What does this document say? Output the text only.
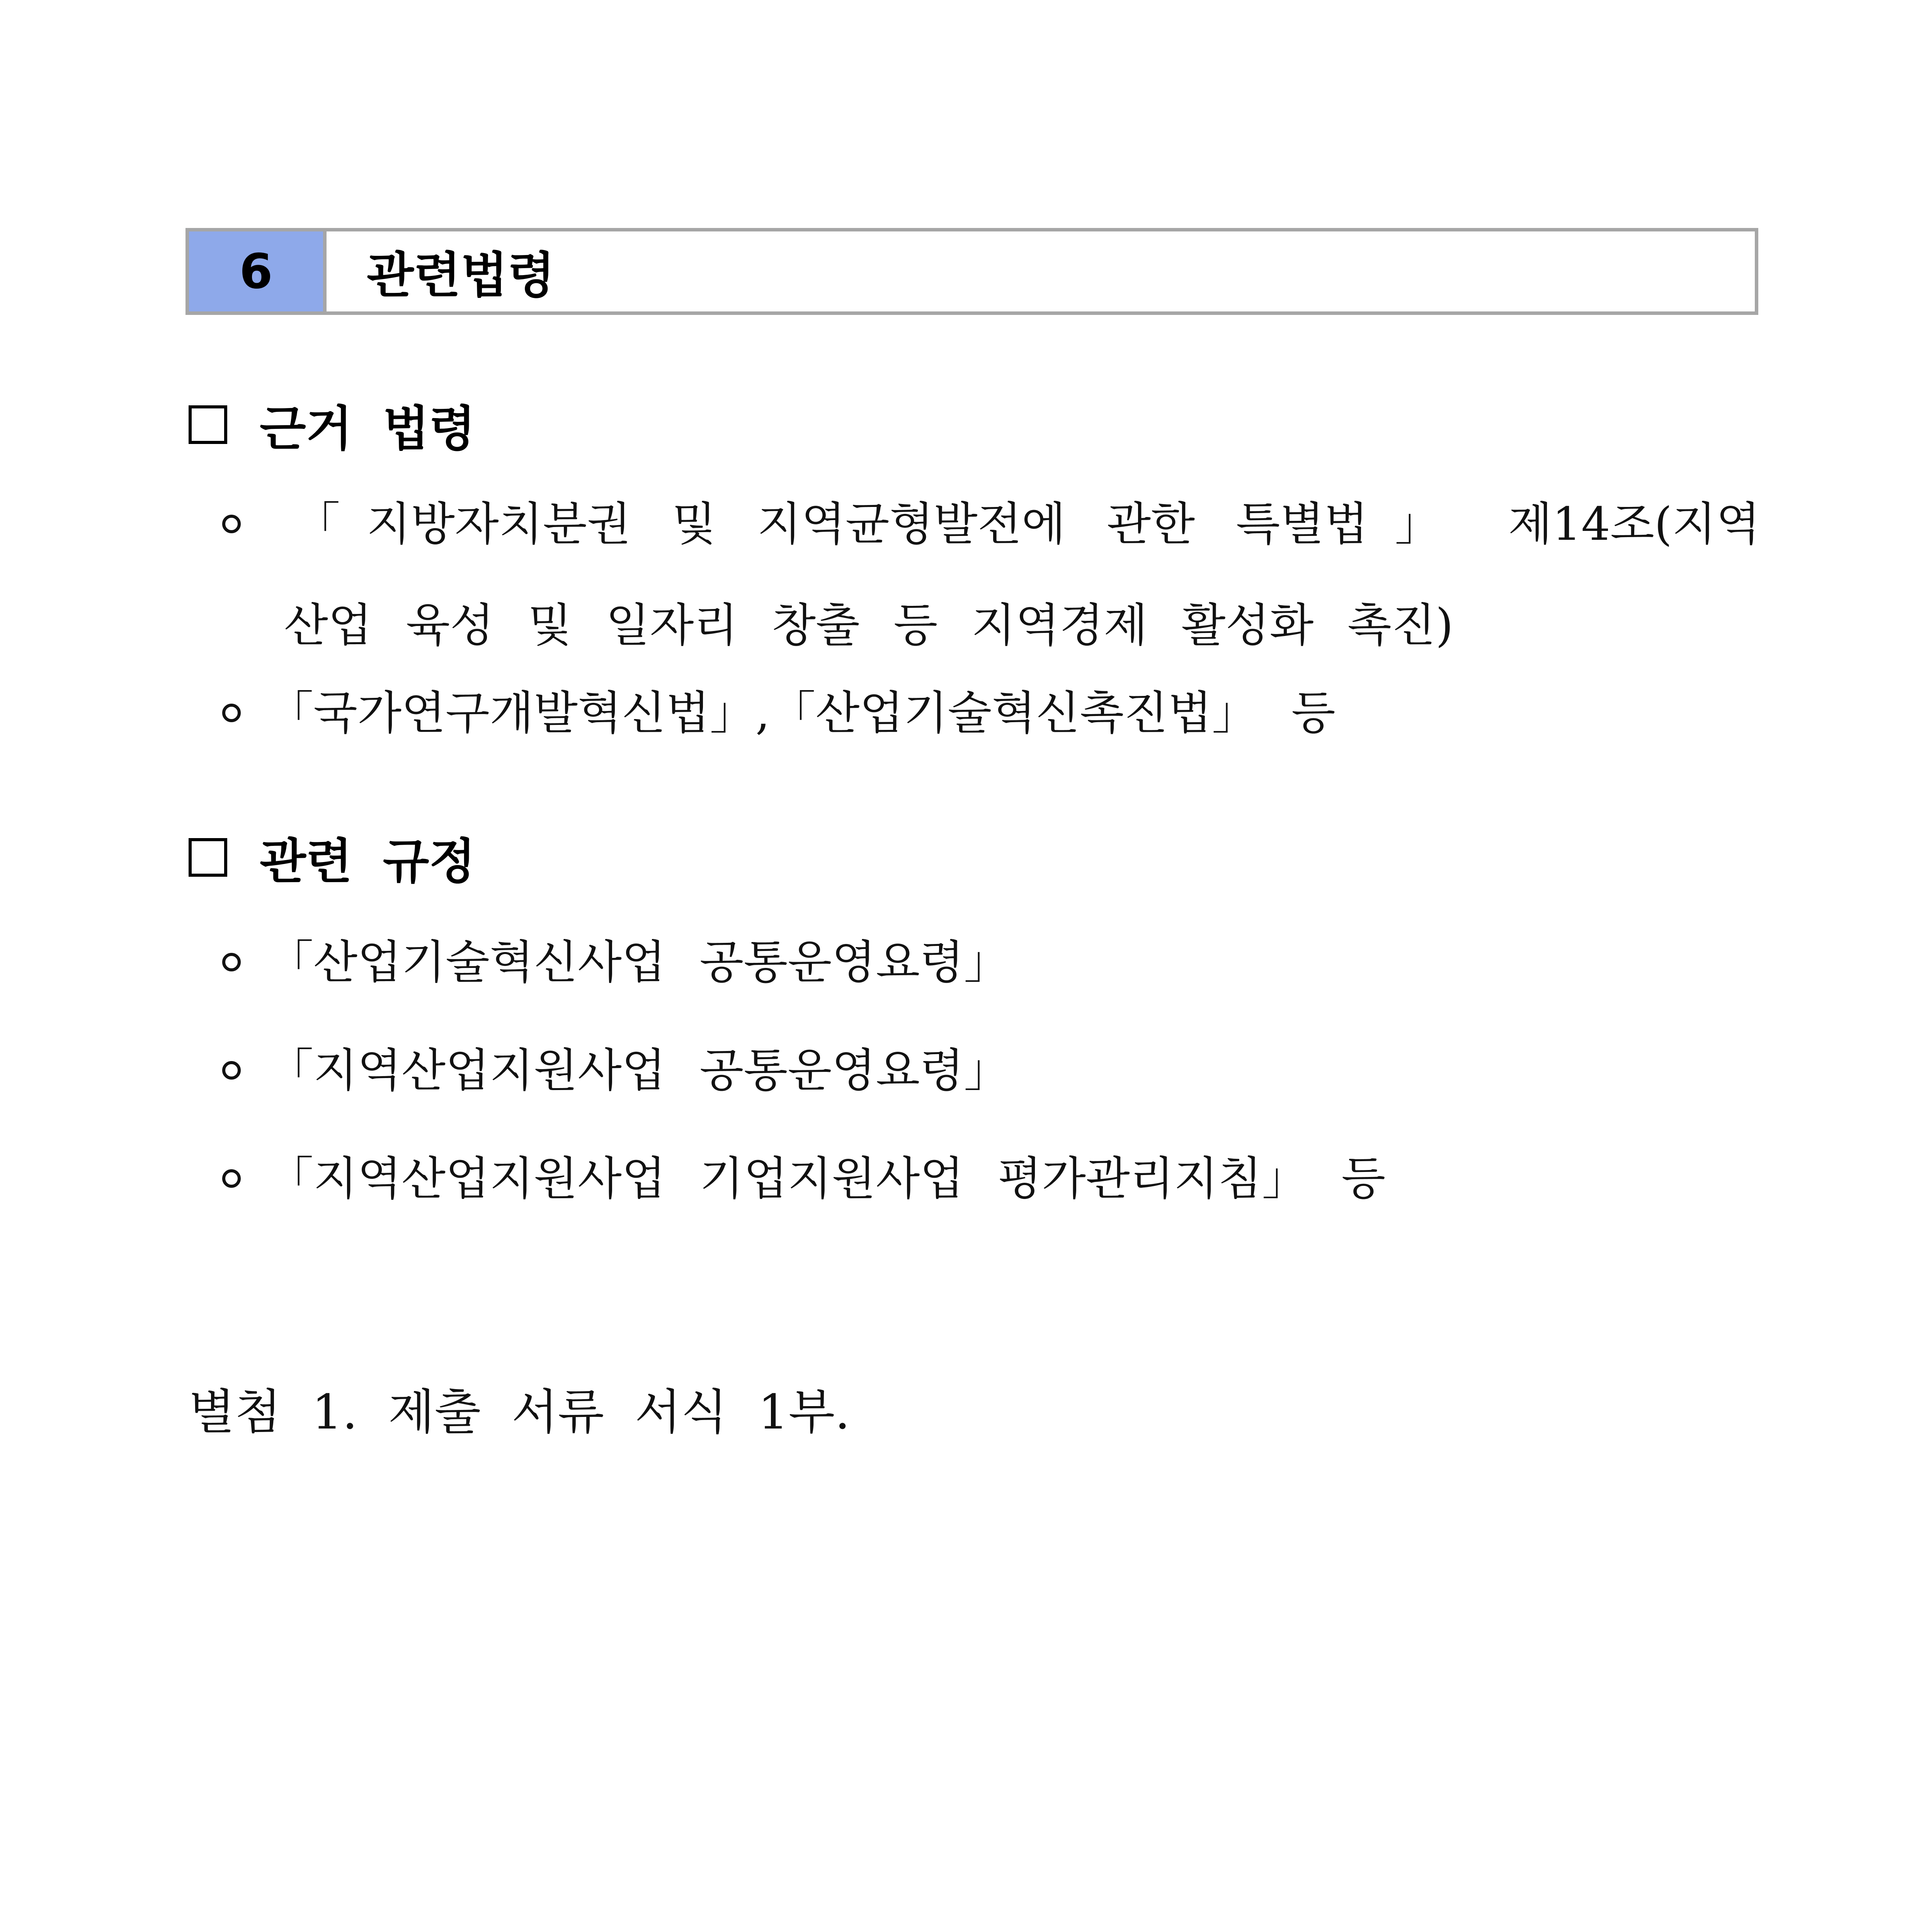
6	관련법령
근거 법령
「지방자치분권 및 지역균형발전에 관한 특별법」 제14조(지역
산업 육성 및 일자리 창출 등 지역경제 활성화 촉진)
「국가연구개발혁신법」,「산업기술혁신촉진법」 등
관련 규정
「산업기술혁신사업 공통운영요령」
「지역산업지원사업 공통운영요령」
「지역산업지원사업 기업지원사업 평가관리지침」 등
별첨 1. 제출 서류 서식 1부.
